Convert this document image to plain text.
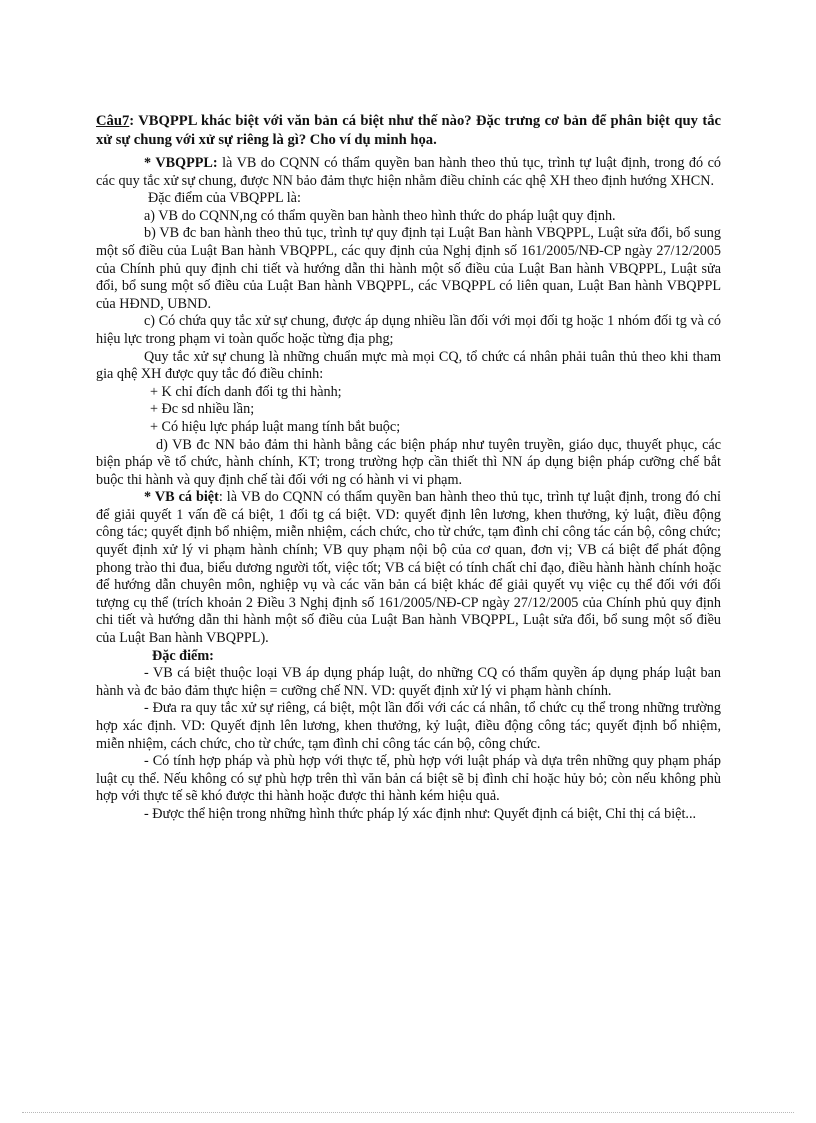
Câu7: VBQPPL khác biệt với văn bản cá biệt như thế nào? Đặc trưng cơ bản để phân biệt quy tắc xử sự chung với xử sự riêng là gì? Cho ví dụ minh họa.

* VBQPPL: là VB do CQNN có thẩm quyền ban hành theo thủ tục, trình tự luật định, trong đó có các quy tắc xử sự chung, được NN bảo đảm thực hiện nhằm điều chỉnh các qhệ XH theo định hướng XHCN.

Đặc điểm của VBQPPL là:

a) VB do CQNN,ng có thẩm quyền ban hành theo hình thức do pháp luật quy định.

b) VB đc ban hành theo thủ tục, trình tự quy định tại Luật Ban hành VBQPPL, Luật sửa đổi, bổ sung một số điều của Luật Ban hành VBQPPL, các quy định của Nghị định số 161/2005/NĐ-CP ngày 27/12/2005 của Chính phủ quy định chi tiết và hướng dẫn thi hành một số điều của Luật Ban hành VBQPPL, Luật sửa đổi, bổ sung một số điều của Luật Ban hành VBQPPL, các VBQPPL có liên quan, Luật Ban hành VBQPPL của HĐND, UBND.

c) Có chứa quy tắc xử sự chung, được áp dụng nhiều lần đối với mọi đối tg hoặc 1 nhóm đối tg và có hiệu lực trong phạm vi toàn quốc hoặc từng địa phg;

Quy tắc xử sự chung là những chuẩn mực mà mọi CQ, tổ chức cá nhân phải tuân thủ theo khi tham gia qhệ XH được quy tắc đó điều chỉnh:

+ K chỉ đích danh đối tg thi hành;

+ Đc sd nhiều lần;

+ Có hiệu lực pháp luật mang tính bắt buộc;

d) VB đc NN bảo đảm thi hành bằng các biện pháp như tuyên truyền, giáo dục, thuyết phục, các biện pháp về tổ chức, hành chính, KT; trong trường hợp cần thiết thì NN áp dụng biện pháp cưỡng chế bắt buộc thi hành và quy định chế tài đối với ng có hành vi vi phạm.

* VB cá biệt: là VB do CQNN có thẩm quyền ban hành theo thủ tục, trình tự luật định, trong đó chỉ để giải quyết 1 vấn đề cá biệt, 1 đối tg cá biệt. VD: quyết định lên lương, khen thưởng, kỷ luật, điều động công tác; quyết định bổ nhiệm, miễn nhiệm, cách chức, cho từ chức, tạm đình chỉ công tác cán bộ, công chức; quyết định xử lý vi phạm hành chính; VB quy phạm nội bộ của cơ quan, đơn vị; VB cá biệt để phát động phong trào thi đua, biểu dương người tốt, việc tốt; VB cá biệt có tính chất chỉ đạo, điều hành hành chính hoặc để hướng dẫn chuyên môn, nghiệp vụ và các văn bản cá biệt khác để giải quyết vụ việc cụ thể đối với đối tượng cụ thể (trích khoản 2 Điều 3 Nghị định số 161/2005/NĐ-CP ngày 27/12/2005 của Chính phủ quy định chi tiết và hướng dẫn thi hành một số điều của Luật Ban hành VBQPPL, Luật sửa đổi, bổ sung một số điều của Luật Ban hành VBQPPL).

Đặc điểm:

- VB cá biệt thuộc loại VB áp dụng pháp luật, do những CQ có thẩm quyền áp dụng pháp luật ban hành và đc bảo đảm thực hiện = cưỡng chế NN. VD: quyết định xử lý vi phạm hành chính.

- Đưa ra quy tắc xử sự riêng, cá biệt, một lần đối với các cá nhân, tổ chức cụ thể trong những trường hợp xác định. VD: Quyết định lên lương, khen thưởng, kỷ luật, điều động công tác; quyết định bổ nhiệm, miễn nhiệm, cách chức, cho từ chức, tạm đình chỉ công tác cán bộ, công chức.

- Có tính hợp pháp và phù hợp với thực tế, phù hợp với luật pháp và dựa trên những quy phạm pháp luật cụ thể. Nếu không có sự phù hợp trên thì văn bản cá biệt sẽ bị đình chỉ hoặc hủy bỏ; còn nếu không phù hợp với thực tế sẽ khó được thi hành hoặc được thi hành kém hiệu quả.

- Được thể hiện trong những hình thức pháp lý xác định như: Quyết định cá biệt, Chỉ thị cá biệt...
